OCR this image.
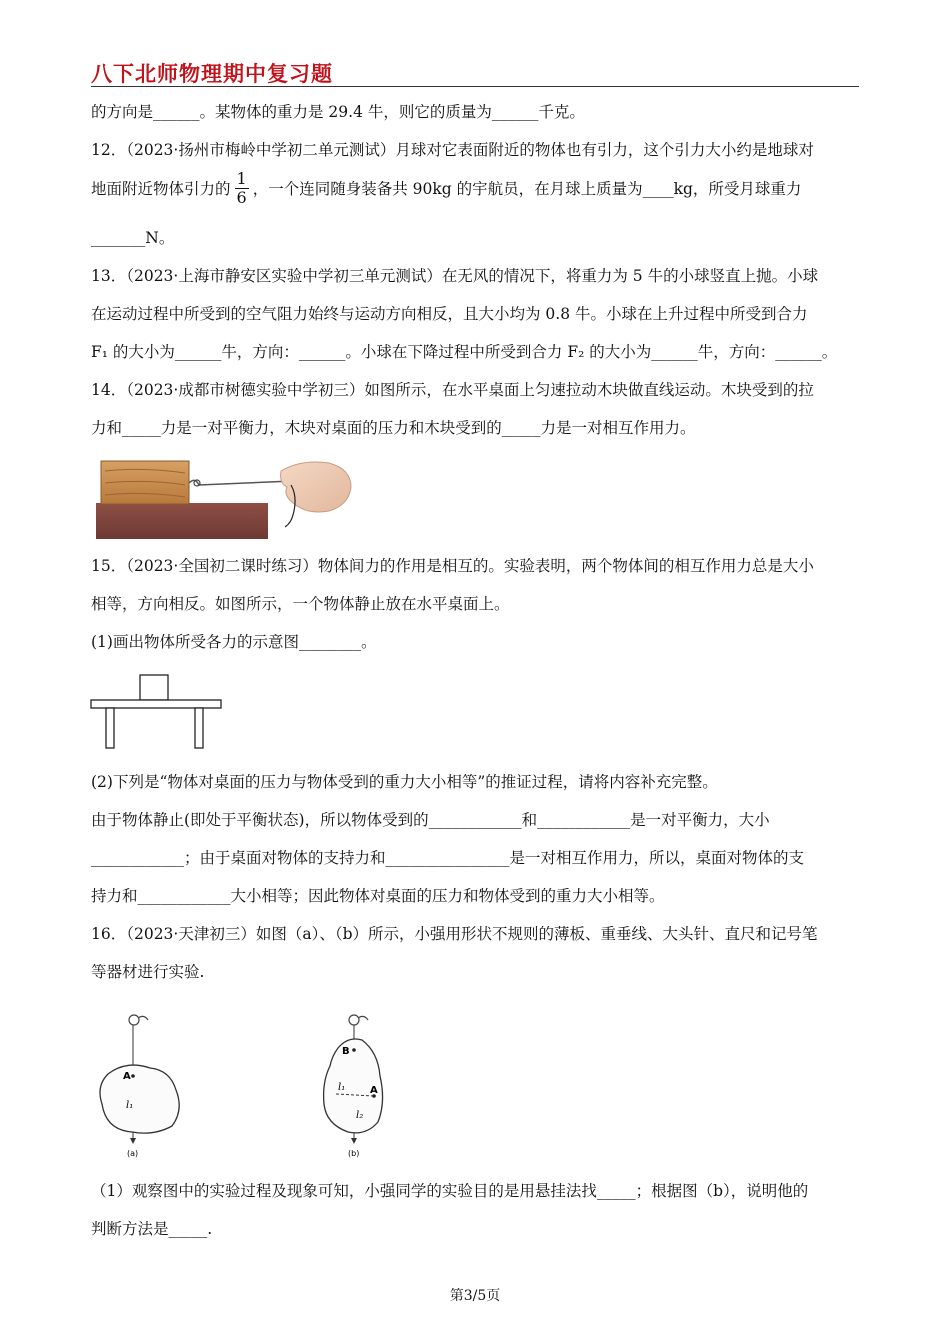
八下北师物理期中复习题
的方向是______。某物体的重力是 29.4 牛，则它的质量为______千克。
12．（2023·扬州市梅岭中学初二单元测试）月球对它表面附近的物体也有引力，这个引力大小约是地球对
地面附近物体引力的 $\frac{1}{6}$ ，一个连同随身装备共 90kg 的宇航员，在月球上质量为____kg，所受月球重力
_______N。
13．（2023·上海市静安区实验中学初三单元测试）在无风的情况下，将重力为 5 牛的小球竖直上抛。小球
在运动过程中所受到的空气阻力始终与运动方向相反，且大小均为 0.8 牛。小球在上升过程中所受到合力
F₁ 的大小为______牛，方向：______。小球在下降过程中所受到合力 F₂ 的大小为______牛，方向：______。
14．（2023·成都市树德实验中学初三）如图所示，在水平桌面上匀速拉动木块做直线运动。木块受到的拉
力和_____力是一对平衡力，木块对桌面的压力和木块受到的_____力是一对相互作用力。
15．（2023·全国初二课时练习）物体间力的作用是相互的。实验表明，两个物体间的相互作用力总是大小
相等，方向相反。如图所示，一个物体静止放在水平桌面上。
(1)画出物体所受各力的示意图________。
(2)下列是“物体对桌面的压力与物体受到的重力大小相等”的推证过程，请将内容补充完整。
由于物体静止(即处于平衡状态)，所以物体受到的____________和____________是一对平衡力，大小
____________；由于桌面对物体的支持力和________________是一对相互作用力，所以，桌面对物体的支
持力和____________大小相等；因此物体对桌面的压力和物体受到的重力大小相等。
16．（2023·天津初三）如图（a）、（b）所示，小强用形状不规则的薄板、重垂线、大头针、直尺和记号笔
等器材进行实验.
A
l₁
(a)
B
A
l₁
l₂
(b)
（1）观察图中的实验过程及现象可知，小强同学的实验目的是用悬挂法找_____；根据图（b），说明他的
判断方法是_____.
第3/5页
